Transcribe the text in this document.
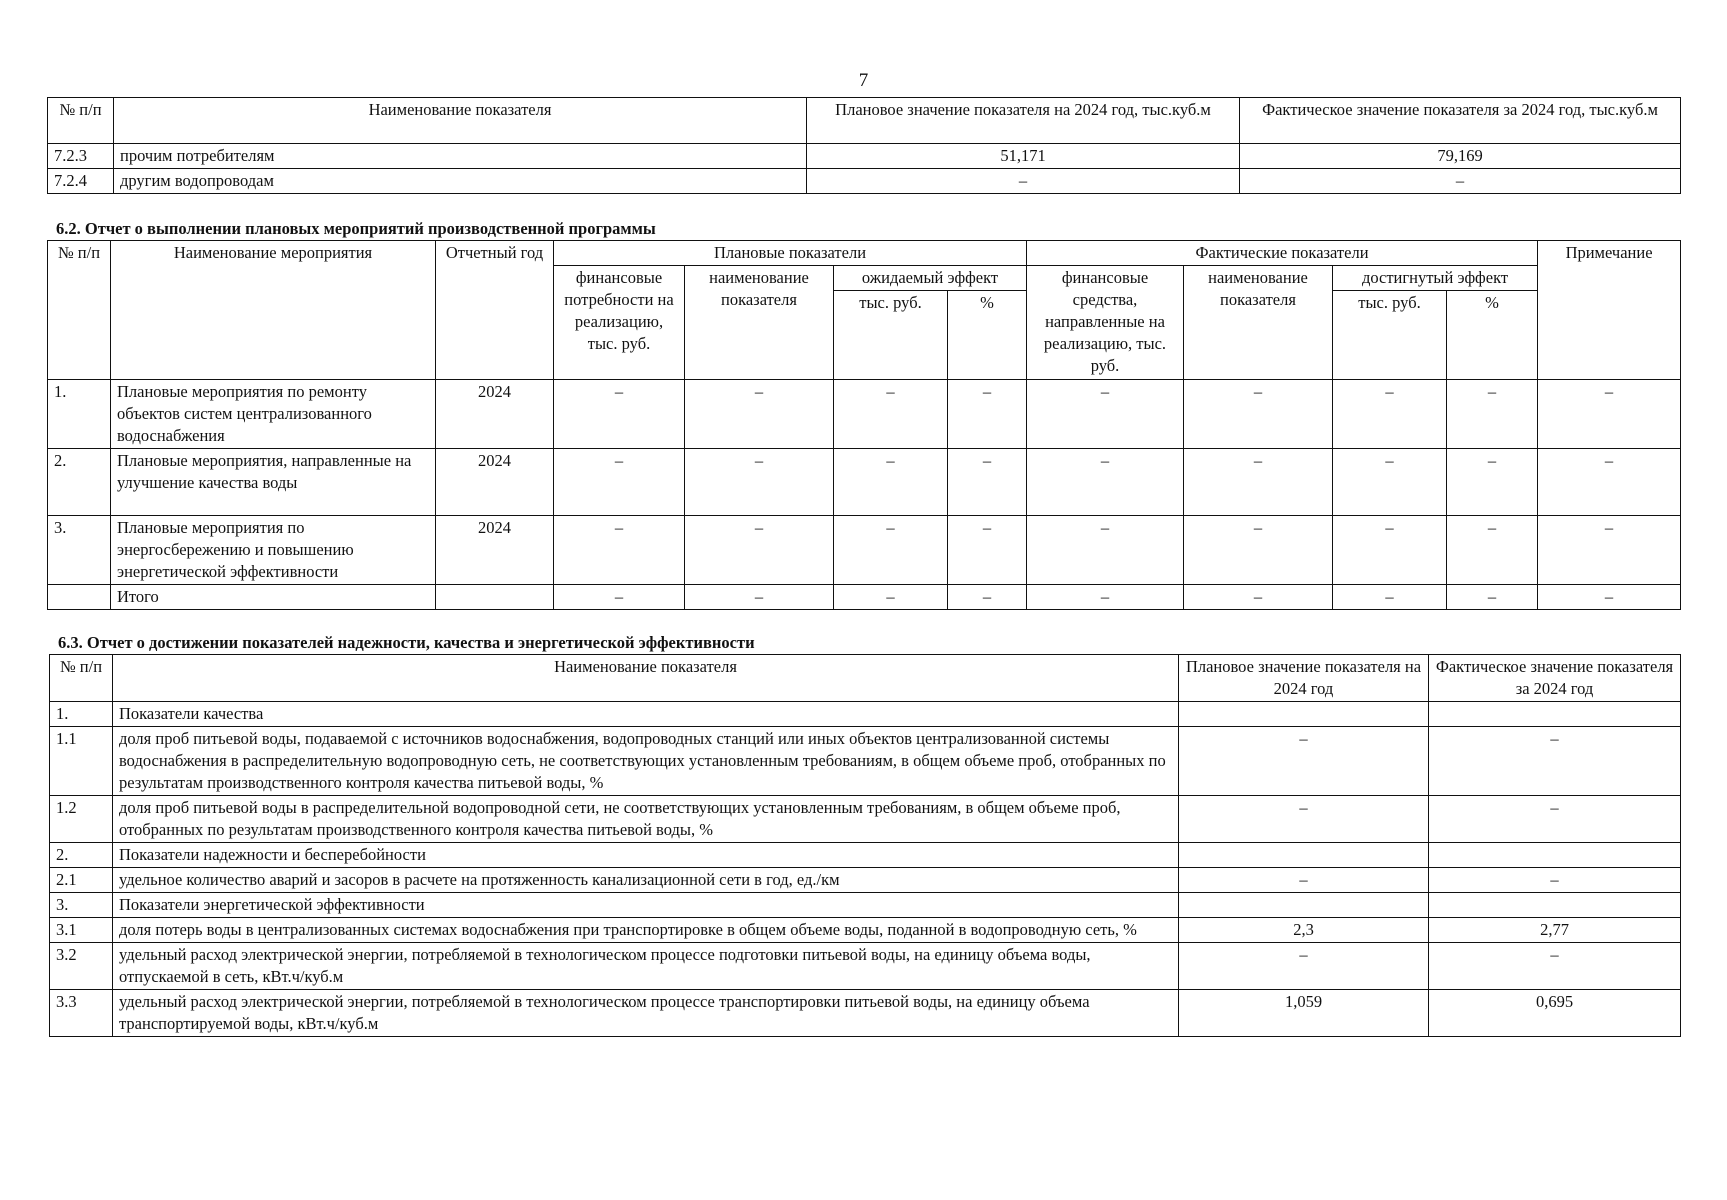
7
№ п/п	Наименование показателя	Плановое значение показателя на 2024 год, тыс.куб.м	Фактическое значение показателя за 2024 год, тыс.куб.м
7.2.3	прочим потребителям	51,171	79,169
7.2.4	другим водопроводам	–	–
6.2. Отчет о выполнении плановых мероприятий производственной программы
№ п/п	Наименование мероприятия	Отчетный год	Плановые показатели				Фактические показатели				Примечание
			финансовые потребности на реализацию, тыс. руб.	наименование показателя	ожидаемый эффект		финансовые средства, направленные на реализацию, тыс. руб.	наименование показателя	достигнутый эффект		
					тыс. руб.	%			тыс. руб.	%	
1.	Плановые мероприятия по ремонту объектов систем централизованного водоснабжения	2024	–	–	–	–	–	–	–	–	–
2.	Плановые мероприятия, направленные на улучшение качества воды	2024	–	–	–	–	–	–	–	–	–
3.	Плановые мероприятия по энергосбережению и повышению энергетической эффективности	2024	–	–	–	–	–	–	–	–	–
	Итого		–	–	–	–	–	–	–	–	–
6.3. Отчет о достижении показателей надежности, качества и энергетической эффективности
№ п/п	Наименование показателя	Плановое значение показателя на 2024 год	Фактическое значение показателя за 2024 год
1.	Показатели качества		
1.1	доля проб питьевой воды, подаваемой с источников водоснабжения, водопроводных станций или иных объектов централизованной системы водоснабжения в распределительную водопроводную сеть, не соответствующих установленным требованиям, в общем объеме проб, отобранных по результатам производственного контроля качества питьевой воды, %	–	–
1.2	доля проб питьевой воды в распределительной водопроводной сети, не соответствующих установленным требованиям, в общем объеме проб, отобранных по результатам производственного контроля качества питьевой воды, %	–	–
2.	Показатели надежности и бесперебойности		
2.1	удельное количество аварий и засоров в расчете на протяженность канализационной сети в год, ед./км	–	–
3.	Показатели энергетической эффективности		
3.1	доля потерь воды в централизованных системах водоснабжения при транспортировке в общем объеме воды, поданной в водопроводную сеть, %	2,3	2,77
3.2	удельный расход электрической энергии, потребляемой в технологическом процессе подготовки питьевой воды, на единицу объема воды, отпускаемой в сеть, кВт.ч/куб.м	–	–
3.3	удельный расход электрической энергии, потребляемой в технологическом процессе транспортировки питьевой воды, на единицу объема транспортируемой воды, кВт.ч/куб.м	1,059	0,695
